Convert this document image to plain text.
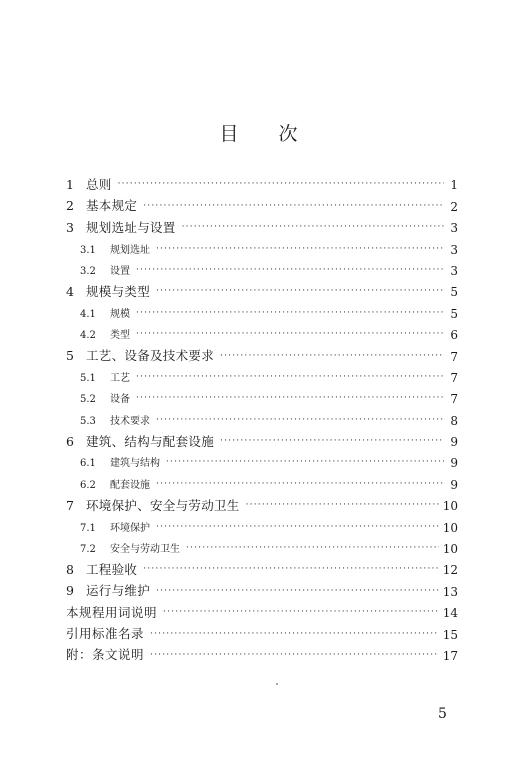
目 次
1 总则 ·····	1
2 基本规定 ·····	2
3 规划选址与设置 ·····	3
3.1	规划选址 ·····	3
3.2	设置 ·····	3
4 规模与类型 ·····	5
4.1	规模 ·····	5
4.2	类型 ·····	6
5 工艺、设备及技术要求 ·····	7
5.1	工艺 ·····	7
5.2	设备 ·····	7
5.3	技术要求 ·····	8
6 建筑、结构与配套设施 ·····	9
6.1	建筑与结构 ·····	9
6.2	配套设施 ·····	9
7 环境保护、安全与劳动卫生 ·····	10
7.1	环境保护 ·····	10
7.2	安全与劳动卫生 ·····	10
8 工程验收 ·····	12
9 运行与维护 ·····	13
本规程用词说明 ·····	14
引用标准名录 ·····	15
附：条文说明 ·····	17
5
